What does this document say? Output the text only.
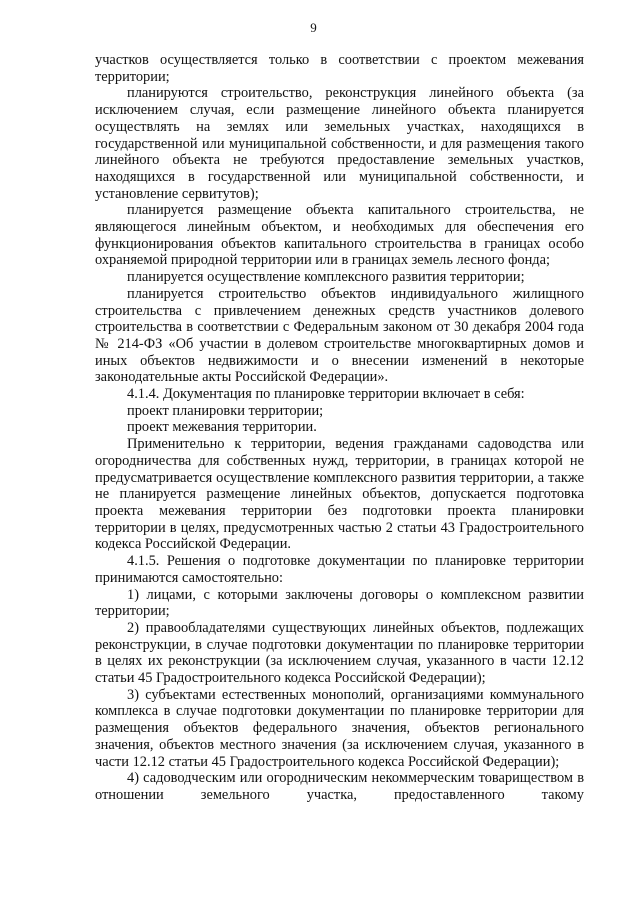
9

участков осуществляется только в соответствии с проектом межевания территории;

планируются строительство, реконструкция линейного объекта (за исключением случая, если размещение линейного объекта планируется осуществлять на землях или земельных участках, находящихся в государственной или муниципальной собственности, и для размещения такого линейного объекта не требуются предоставление земельных участков, находящихся в государственной или муниципальной собственности, и установление сервитутов);

планируется размещение объекта капитального строительства, не являющегося линейным объектом, и необходимых для обеспечения его функционирования объектов капитального строительства в границах особо охраняемой природной территории или в границах земель лесного фонда;

планируется осуществление комплексного развития территории;

планируется строительство объектов индивидуального жилищного строительства с привлечением денежных средств участников долевого строительства в соответствии с Федеральным законом от 30 декабря 2004 года № 214-ФЗ «Об участии в долевом строительстве многоквартирных домов и иных объектов недвижимости и о внесении изменений в некоторые законодательные акты Российской Федерации».

4.1.4. Документация по планировке территории включает в себя:

проект планировки территории;

проект межевания территории.

Применительно к территории, ведения гражданами садоводства или огородничества для собственных нужд, территории, в границах которой не предусматривается осуществление комплексного развития территории, а также не планируется размещение линейных объектов, допускается подготовка проекта межевания территории без подготовки проекта планировки территории в целях, предусмотренных частью 2 статьи 43 Градостроительного кодекса Российской Федерации.

4.1.5. Решения о подготовке документации по планировке территории принимаются самостоятельно:

1) лицами, с которыми заключены договоры о комплексном развитии территории;

2) правообладателями существующих линейных объектов, подлежащих реконструкции, в случае подготовки документации по планировке территории в целях их реконструкции (за исключением случая, указанного в части 12.12 статьи 45 Градостроительного кодекса Российской Федерации);

3) субъектами естественных монополий, организациями коммунального комплекса в случае подготовки документации по планировке территории для размещения объектов федерального значения, объектов регионального значения, объектов местного значения (за исключением случая, указанного в части 12.12 статьи 45 Градостроительного кодекса Российской Федерации);

4) садоводческим или огородническим некоммерческим товариществом в отношении земельного участка, предоставленного такому
